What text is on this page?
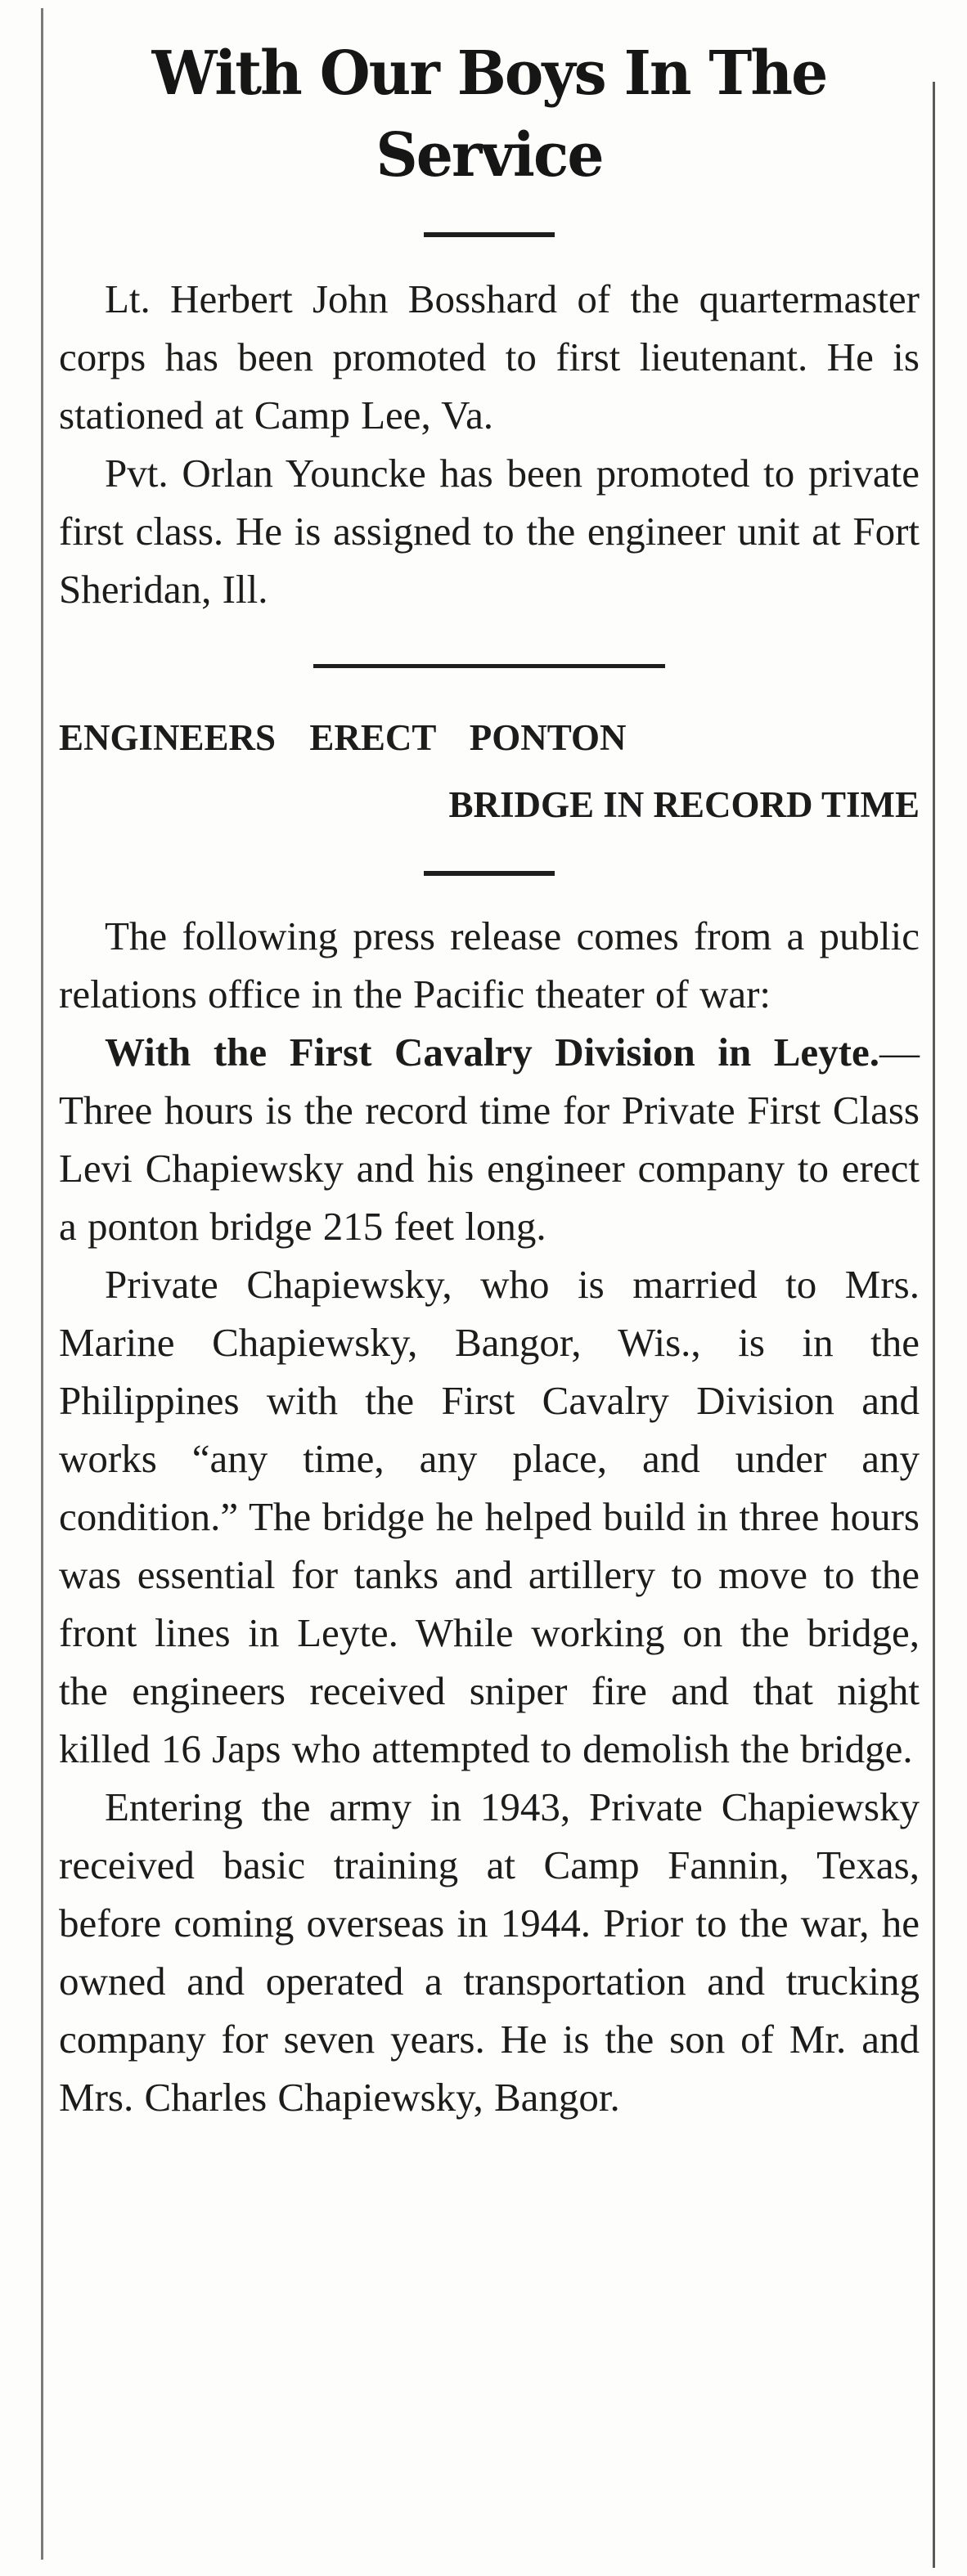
With Our Boys In The Service

Lt. Herbert John Bosshard of the quartermaster corps has been promoted to first lieutenant. He is stationed at Camp Lee, Va.

Pvt. Orlan Youncke has been promoted to private first class. He is assigned to the engineer unit at Fort Sheridan, Ill.

ENGINEERS ERECT PONTON
BRIDGE IN RECORD TIME

The following press release comes from a public relations office in the Pacific theater of war:

With the First Cavalry Division in Leyte.—Three hours is the record time for Private First Class Levi Chapiewsky and his engineer company to erect a ponton bridge 215 feet long.

Private Chapiewsky, who is married to Mrs. Marine Chapiewsky, Bangor, Wis., is in the Philippines with the First Cavalry Division and works “any time, any place, and under any condition.” The bridge he helped build in three hours was essential for tanks and artillery to move to the front lines in Leyte. While working on the bridge, the engineers received sniper fire and that night killed 16 Japs who attempted to demolish the bridge.

Entering the army in 1943, Private Chapiewsky received basic training at Camp Fannin, Texas, before coming overseas in 1944. Prior to the war, he owned and operated a transportation and trucking company for seven years. He is the son of Mr. and Mrs. Charles Chapiewsky, Bangor.
